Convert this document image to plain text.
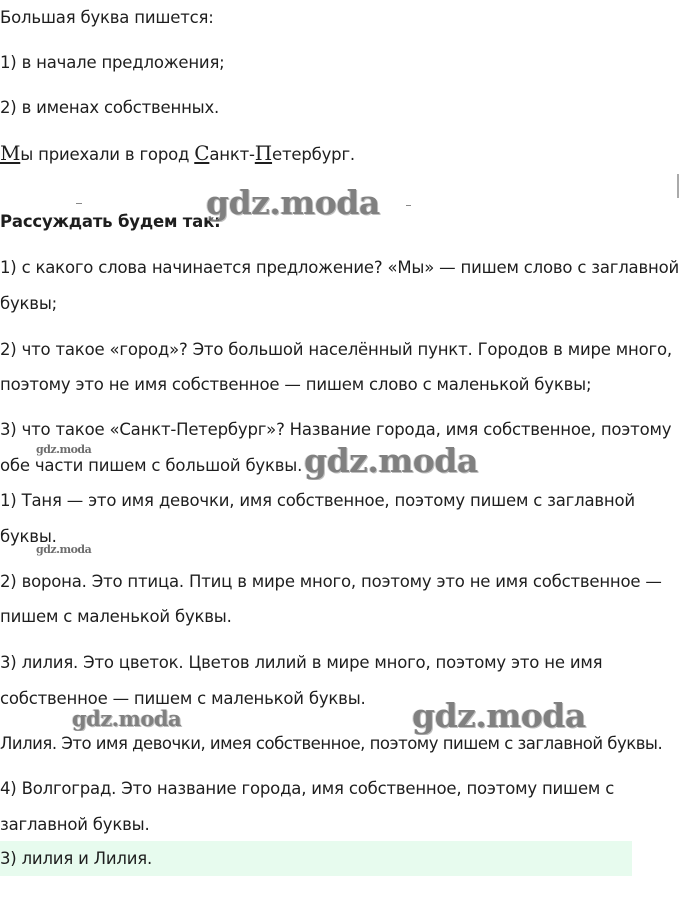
Большая буква пишется:
1) в начале предложения;
2) в именах собственных.
Мы приехали в город Санкт-Петербург.
Рассуждать будем так:
gdz.moda
1) с какого слова начинается предложение? «Мы» — пишем слово с заглавной
буквы;
2) что такое «город»? Это большой населённый пункт. Городов в мире много,
поэтому это не имя собственное — пишем слово с маленькой буквы;
3) что такое «Санкт-Петербург»? Название города, имя собственное, поэтому
обе части пишем с большой буквы.
gdz.moda	gdz.moda
1) Таня — это имя девочки, имя собственное, поэтому пишем с заглавной
буквы.
gdz.moda
2) ворона. Это птица. Птиц в мире много, поэтому это не имя собственное —
пишем с маленькой буквы.
3) лилия. Это цветок. Цветов лилий в мире много, поэтому это не имя
собственное — пишем с маленькой буквы.
gdz.moda	gdz.moda
Лилия. Это имя девочки, имея собственное, поэтому пишем с заглавной буквы.
4) Волгоград. Это название города, имя собственное, поэтому пишем с
заглавной буквы.
3) лилия и Лилия.
